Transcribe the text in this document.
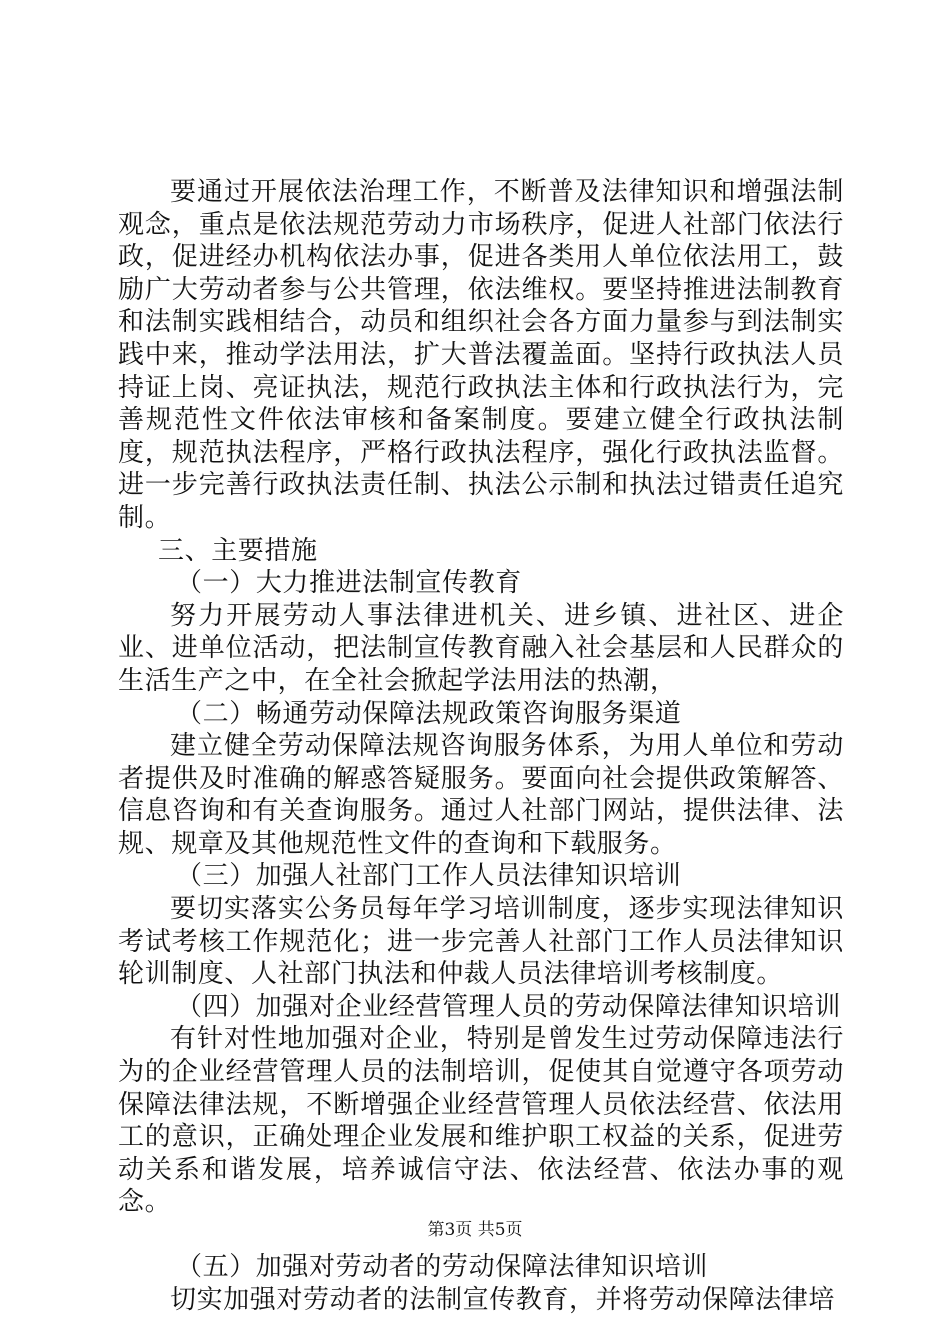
要通过开展依法治理工作，不断普及法律知识和增强法制观念，重点是依法规范劳动力市场秩序，促进人社部门依法行政，促进经办机构依法办事，促进各类用人单位依法用工，鼓励广大劳动者参与公共管理，依法维权。要坚持推进法制教育和法制实践相结合，动员和组织社会各方面力量参与到法制实践中来，推动学法用法，扩大普法覆盖面。坚持行政执法人员持证上岗、亮证执法，规范行政执法主体和行政执法行为，完善规范性文件依法审核和备案制度。要建立健全行政执法制度，规范执法程序，严格行政执法程序，强化行政执法监督。进一步完善行政执法责任制、执法公示制和执法过错责任追究制。

三、主要措施

（一）大力推进法制宣传教育

努力开展劳动人事法律进机关、进乡镇、进社区、进企业、进单位活动，把法制宣传教育融入社会基层和人民群众的生活生产之中，在全社会掀起学法用法的热潮，

（二）畅通劳动保障法规政策咨询服务渠道

建立健全劳动保障法规咨询服务体系，为用人单位和劳动者提供及时准确的解惑答疑服务。要面向社会提供政策解答、信息咨询和有关查询服务。通过人社部门网站，提供法律、法规、规章及其他规范性文件的查询和下载服务。

（三）加强人社部门工作人员法律知识培训

要切实落实公务员每年学习培训制度，逐步实现法律知识考试考核工作规范化；进一步完善人社部门工作人员法律知识轮训制度、人社部门执法和仲裁人员法律培训考核制度。

（四）加强对企业经营管理人员的劳动保障法律知识培训

有针对性地加强对企业，特别是曾发生过劳动保障违法行为的企业经营管理人员的法制培训，促使其自觉遵守各项劳动保障法律法规，不断增强企业经营管理人员依法经营、依法用工的意识，正确处理企业发展和维护职工权益的关系，促进劳动关系和谐发展，培养诚信守法、依法经营、依法办事的观念。

（五）加强对劳动者的劳动保障法律知识培训

切实加强对劳动者的法制宣传教育，并将劳动保障法律培

第3页 共5页
